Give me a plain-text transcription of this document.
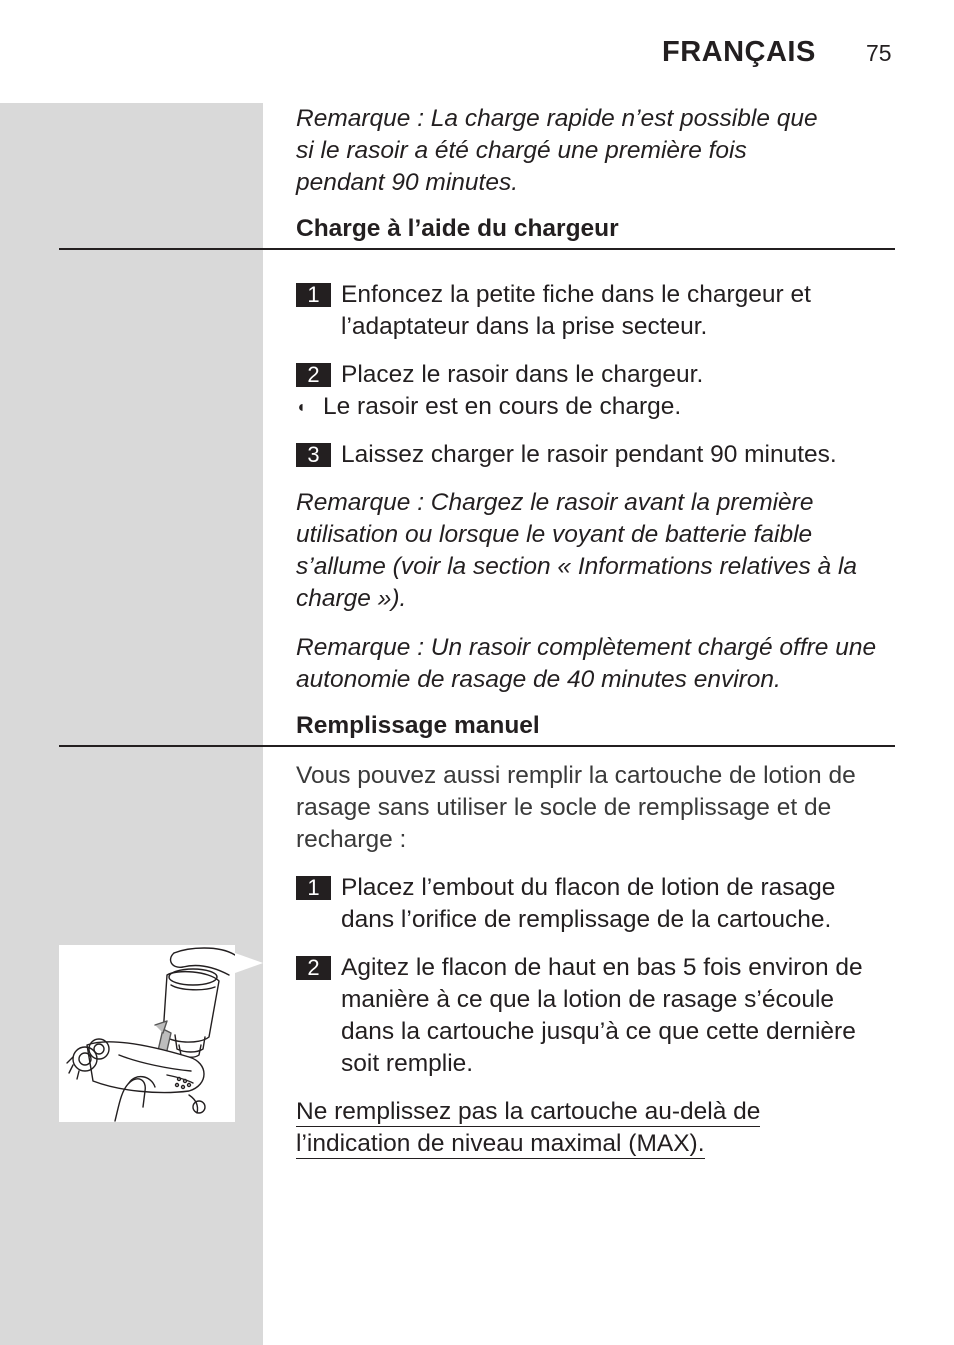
FRANÇAIS 75
Remarque : La charge rapide n’est possible que si le rasoir a été chargé une première fois pendant 90 minutes.
Charge à l’aide du chargeur
1 Enfoncez la petite fiche dans le chargeur et l’adaptateur dans la prise secteur.
2 Placez le rasoir dans le chargeur.
◖ Le rasoir est en cours de charge.
3 Laissez charger le rasoir pendant 90 minutes.
Remarque : Chargez le rasoir avant la première utilisation ou lorsque le voyant de batterie faible s’allume (voir la section « Informations relatives à la charge »).
Remarque : Un rasoir complètement chargé offre une autonomie de rasage de 40 minutes environ.
Remplissage manuel
Vous pouvez aussi remplir la cartouche de lotion de rasage sans utiliser le socle de remplissage et de recharge :
1 Placez l’embout du flacon de lotion de rasage dans l’orifice de remplissage de la cartouche.
2 Agitez le flacon de haut en bas 5 fois environ de manière à ce que la lotion de rasage s’écoule dans la cartouche jusqu’à ce que cette dernière soit remplie.
Ne remplissez pas la cartouche au-delà de l’indication de niveau maximal (MAX).
